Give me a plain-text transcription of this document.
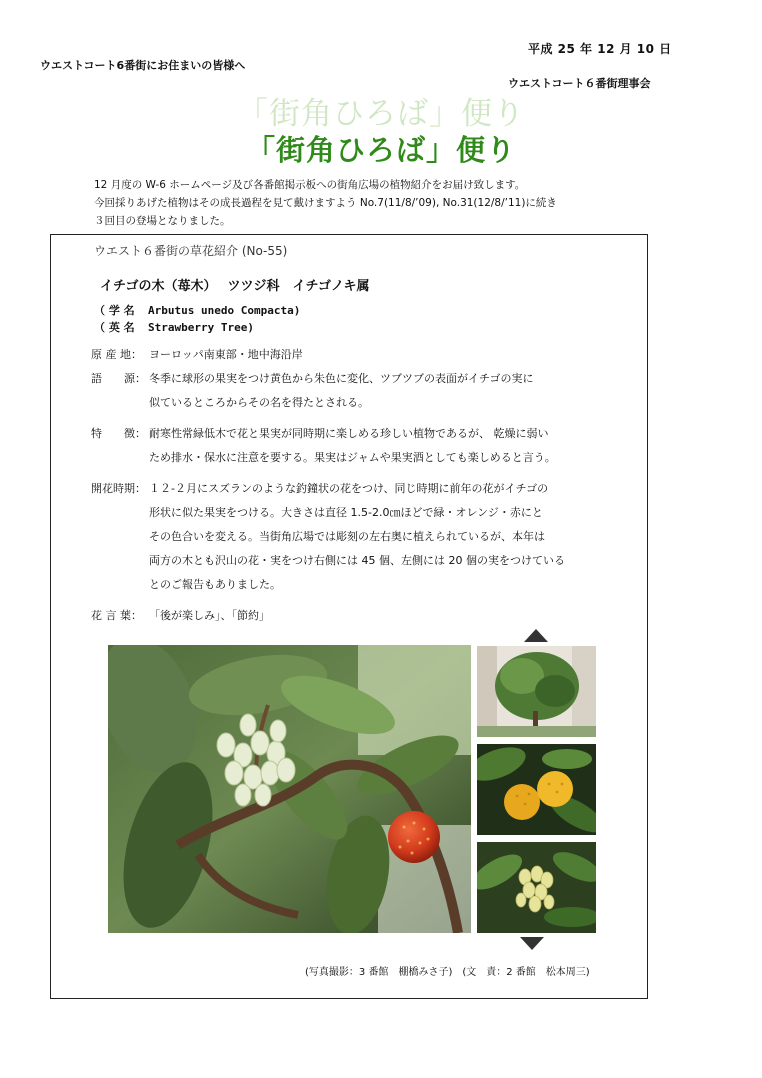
平成 25 年 12 月 10 日
ウエストコート6番街にお住まいの皆様へ
ウエストコート６番街理事会
「街角ひろば」便り
「街角ひろば」便り
12 月度の W-6 ホームページ及び各番館掲示板への街角広場の植物紹介をお届け致します。
今回採りあげた植物はその成長過程を見て戴けますよう No.7(11/8/’09), No.31(12/8/’11)に続き
３回目の登場となりました。
ウエスト６番街の草花紹介 (No-55)
イチゴの木（苺木）　 ツツジ科　イチゴノキ属
（ 学 名 Arbutus unedo Compacta)
（ 英 名 Strawberry Tree)
原 産 地： ヨーロッパ南東部・地中海沿岸
語　　源： 冬季に球形の果実をつけ黄色から朱色に変化、ツブツブの表面がイチゴの実に
似ているところからその名を得たとされる。
特　　徴： 耐寒性常緑低木で花と果実が同時期に楽しめる珍しい植物であるが、 乾燥に弱い
ため排水・保水に注意を要する。果実はジャムや果実酒としても楽しめると言う。
開花時期： １２-２月にスズランのような釣鐘状の花をつけ、同じ時期に前年の花がイチゴの
形状に似た果実をつける。大きさは直径 1.5-2.0㎝ほどで緑・オレンジ・赤にと
その色合いを変える。当街角広場では彫刻の左右奥に植えられているが、本年は
両方の木とも沢山の花・実をつけ右側には 45 個、左側には 20 個の実をつけている
とのご報告もありました。
花 言 葉： 「後が楽しみ」、「節約」
(写真撮影：3 番館　棚橋みさ子)　(文　責：2 番館　松本周三)
